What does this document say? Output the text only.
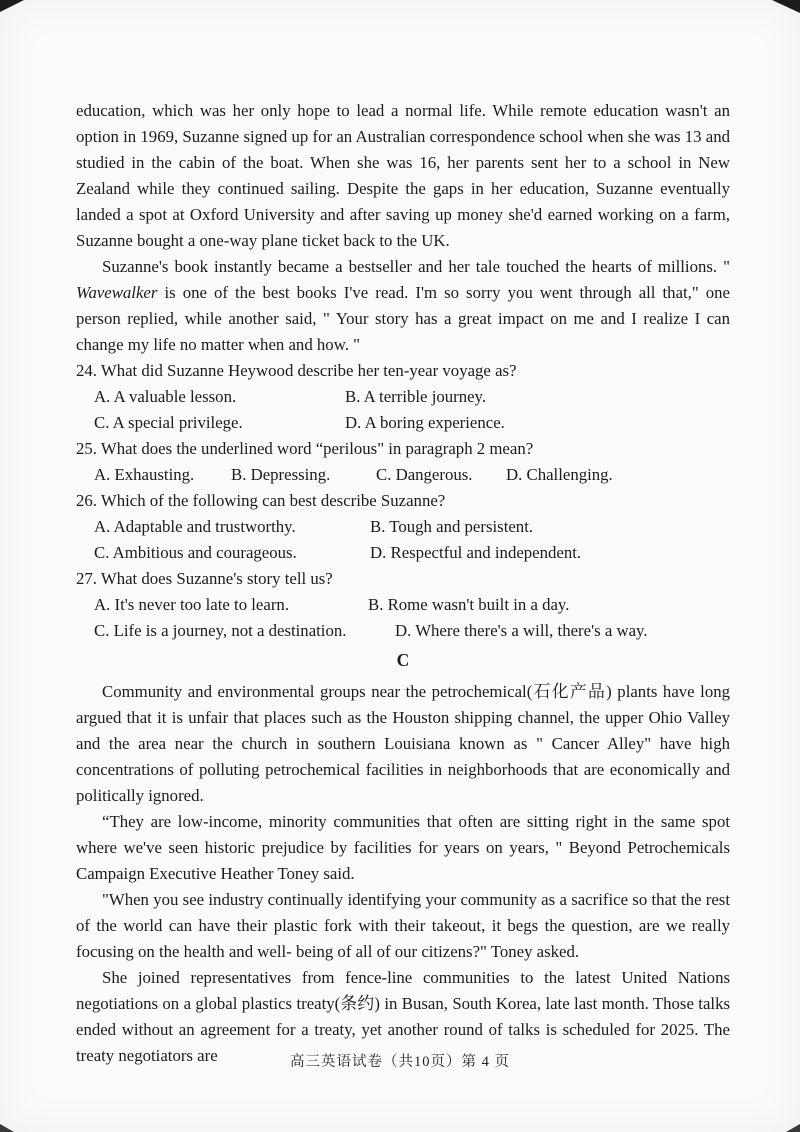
education, which was her only hope to lead a normal life. While remote education wasn't an option in 1969, Suzanne signed up for an Australian correspondence school when she was 13 and studied in the cabin of the boat. When she was 16, her parents sent her to a school in New Zealand while they continued sailing. Despite the gaps in her education, Suzanne eventually landed a spot at Oxford University and after saving up money she'd earned working on a farm, Suzanne bought a one-way plane ticket back to the UK.

Suzanne's book instantly became a bestseller and her tale touched the hearts of millions. " Wavewalker is one of the best books I've read. I'm so sorry you went through all that," one person replied, while another said, " Your story has a great impact on me and I realize I can change my life no matter when and how. "

24. What did Suzanne Heywood describe her ten-year voyage as?
A. A valuable lesson.	B. A terrible journey.
C. A special privilege.	D. A boring experience.
25. What does the underlined word “perilous" in paragraph 2 mean?
A. Exhausting.	B. Depressing.	C. Dangerous.	D. Challenging.
26. Which of the following can best describe Suzanne?
A. Adaptable and trustworthy.	B. Tough and persistent.
C. Ambitious and courageous.	D. Respectful and independent.
27. What does Suzanne's story tell us?
A. It's never too late to learn.	B. Rome wasn't built in a day.
C. Life is a journey, not a destination.	D. Where there's a will, there's a way.

C

Community and environmental groups near the petrochemical(石化产品) plants have long argued that it is unfair that places such as the Houston shipping channel, the upper Ohio Valley and the area near the church in southern Louisiana known as " Cancer Alley" have high concentrations of polluting petrochemical facilities in neighborhoods that are economically and politically ignored.

“They are low-income, minority communities that often are sitting right in the same spot where we've seen historic prejudice by facilities for years on years, " Beyond Petrochemicals Campaign Executive Heather Toney said.

"When you see industry continually identifying your community as a sacrifice so that the rest of the world can have their plastic fork with their takeout, it begs the question, are we really focusing on the health and well- being of all of our citizens?" Toney asked.

She joined representatives from fence-line communities to the latest United Nations negotiations on a global plastics treaty(条约) in Busan, South Korea, late last month. Those talks ended without an agreement for a treaty, yet another round of talks is scheduled for 2025. The treaty negotiators are	高三英语试卷（共10页）第 4 页
